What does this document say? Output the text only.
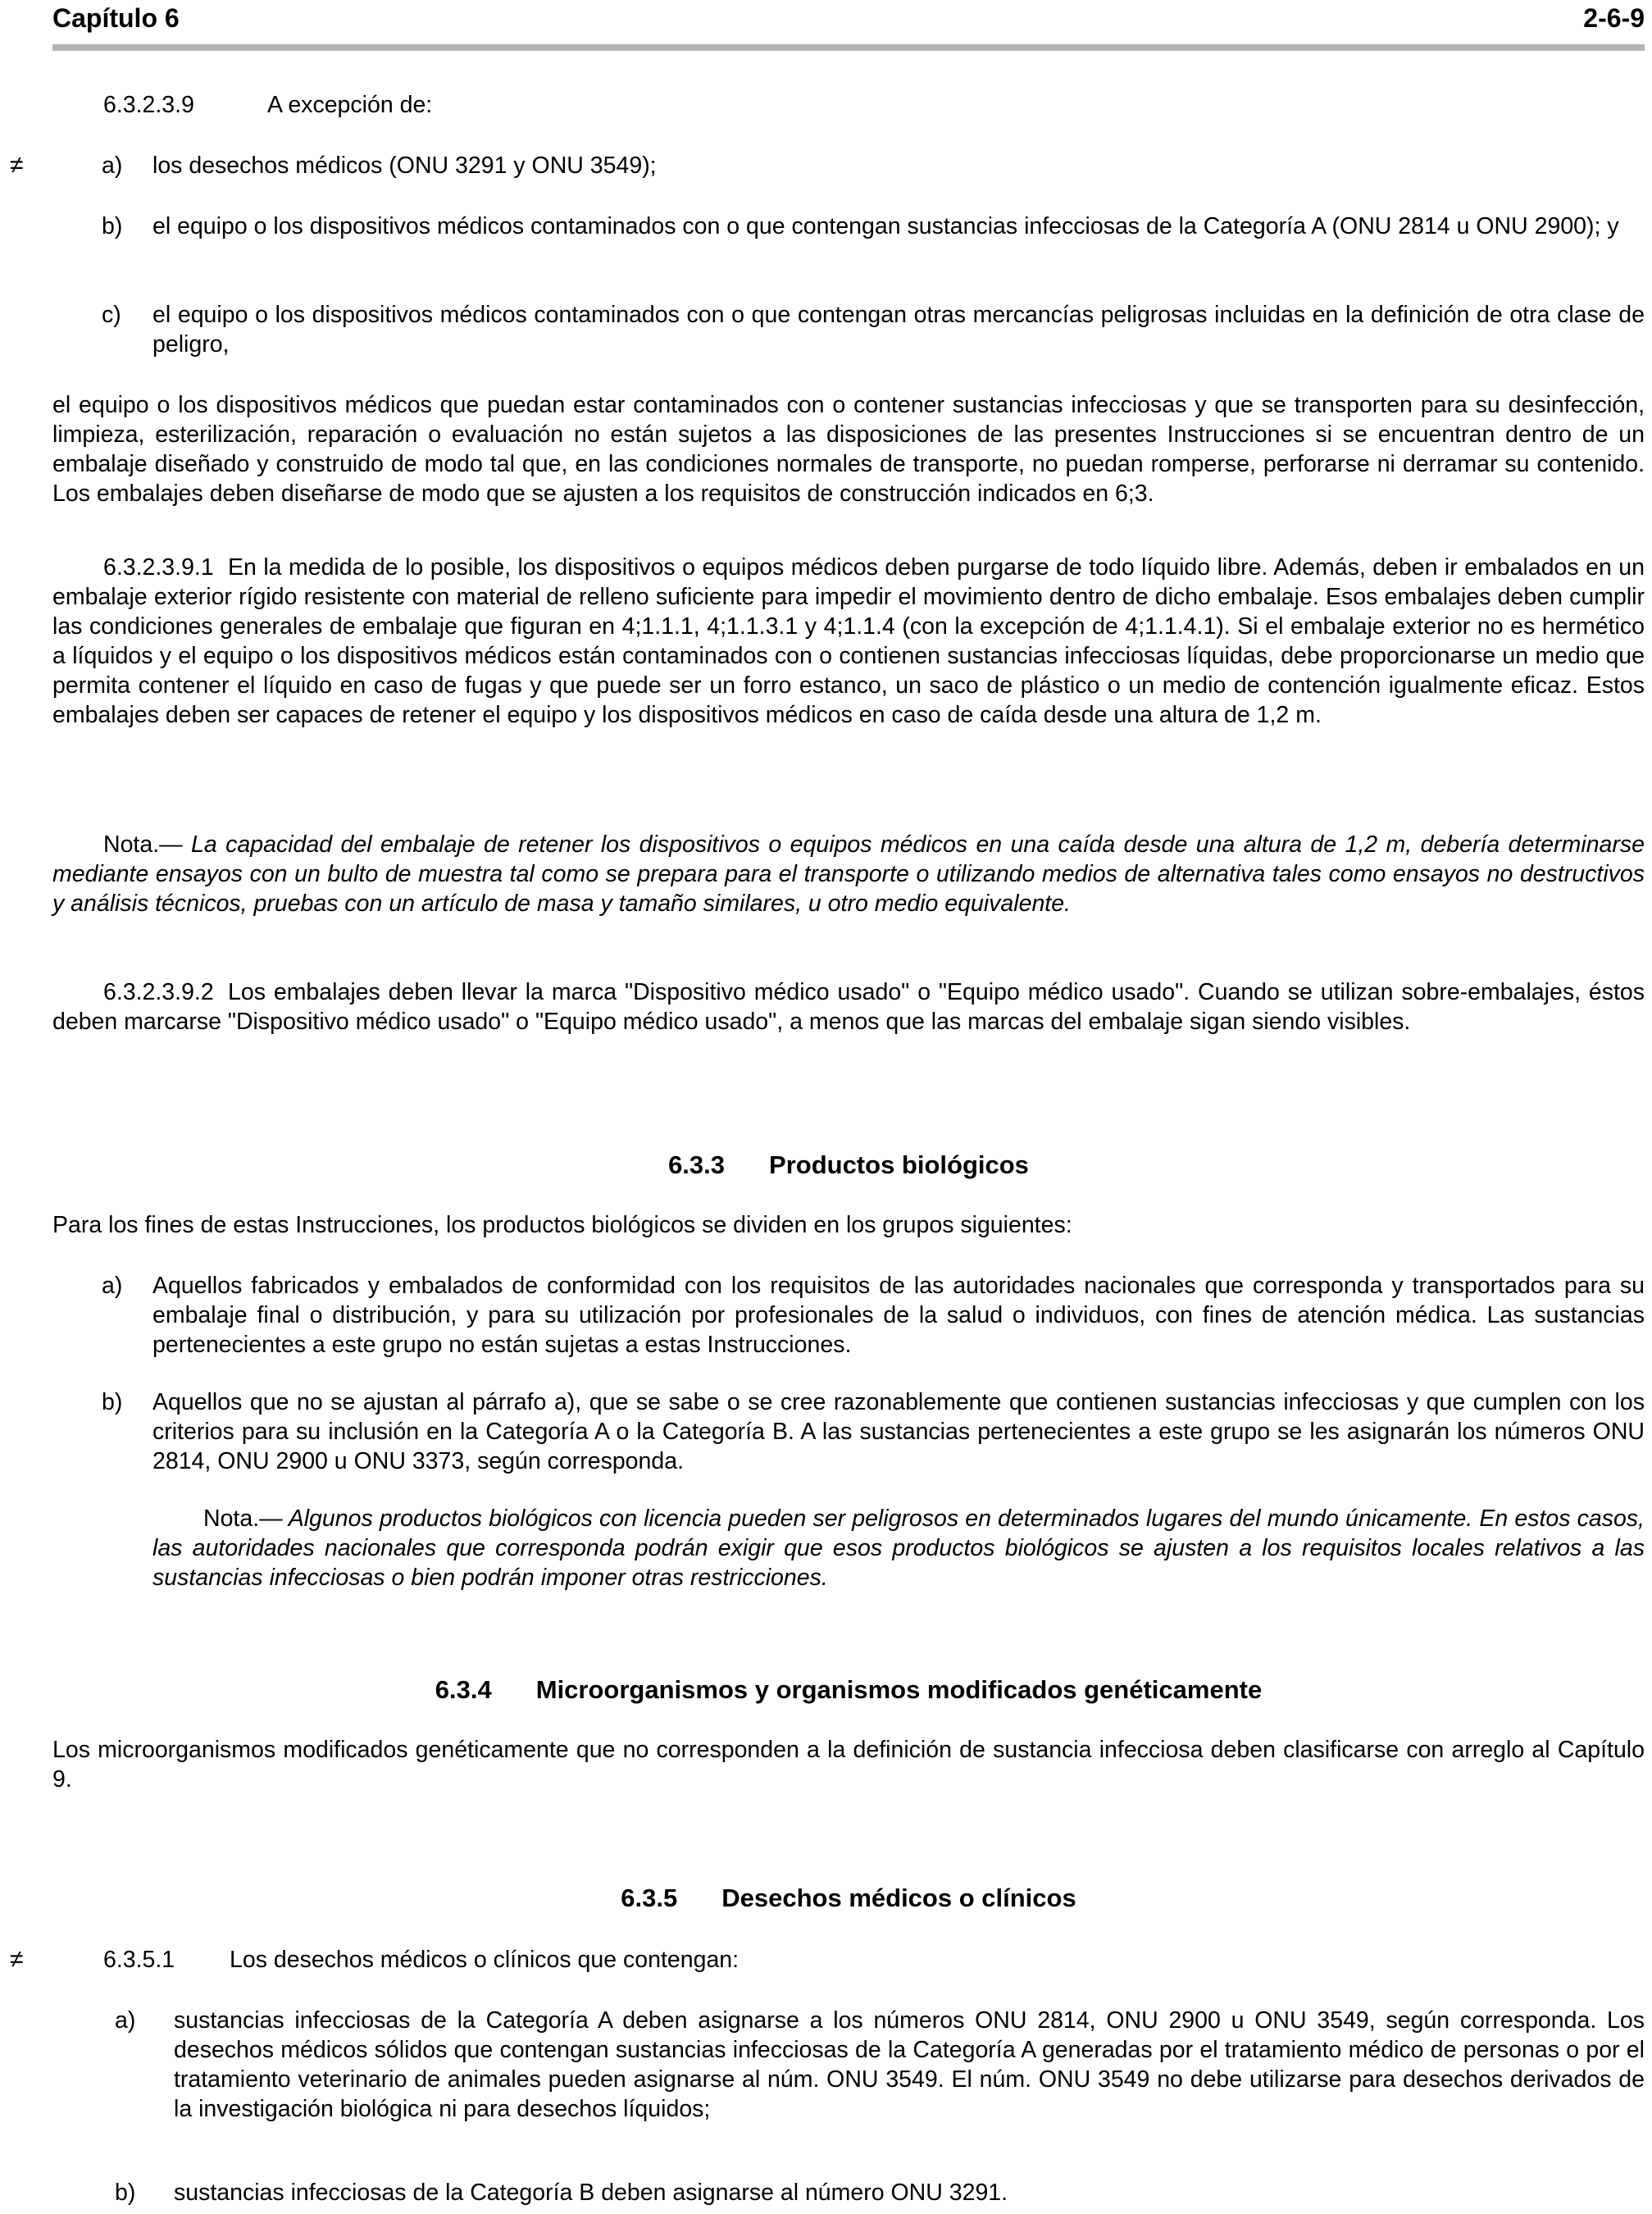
Capítulo 6	2-6-9
6.3.2.3.9	A excepción de:
≠	a) los desechos médicos (ONU 3291 y ONU 3549);
b) el equipo o los dispositivos médicos contaminados con o que contengan sustancias infecciosas de la Categoría A (ONU 2814 u ONU 2900); y
c) el equipo o los dispositivos médicos contaminados con o que contengan otras mercancías peligrosas incluidas en la definición de otra clase de peligro,
el equipo o los dispositivos médicos que puedan estar contaminados con o contener sustancias infecciosas y que se transporten para su desinfección, limpieza, esterilización, reparación o evaluación no están sujetos a las disposiciones de las presentes Instrucciones si se encuentran dentro de un embalaje diseñado y construido de modo tal que, en las condiciones normales de transporte, no puedan romperse, perforarse ni derramar su contenido. Los embalajes deben diseñarse de modo que se ajusten a los requisitos de construcción indicados en 6;3.
6.3.2.3.9.1 En la medida de lo posible, los dispositivos o equipos médicos deben purgarse de todo líquido libre. Además, deben ir embalados en un embalaje exterior rígido resistente con material de relleno suficiente para impedir el movimiento dentro de dicho embalaje. Esos embalajes deben cumplir las condiciones generales de embalaje que figuran en 4;1.1.1, 4;1.1.3.1 y 4;1.1.4 (con la excepción de 4;1.1.4.1). Si el embalaje exterior no es hermético a líquidos y el equipo o los dispositivos médicos están contaminados con o contienen sustancias infecciosas líquidas, debe proporcionarse un medio que permita contener el líquido en caso de fugas y que puede ser un forro estanco, un saco de plástico o un medio de contención igualmente eficaz. Estos embalajes deben ser capaces de retener el equipo y los dispositivos médicos en caso de caída desde una altura de 1,2 m.
Nota.— La capacidad del embalaje de retener los dispositivos o equipos médicos en una caída desde una altura de 1,2 m, debería determinarse mediante ensayos con un bulto de muestra tal como se prepara para el transporte o utilizando medios de alternativa tales como ensayos no destructivos y análisis técnicos, pruebas con un artículo de masa y tamaño similares, u otro medio equivalente.
6.3.2.3.9.2 Los embalajes deben llevar la marca "Dispositivo médico usado" o "Equipo médico usado". Cuando se utilizan sobre-embalajes, éstos deben marcarse "Dispositivo médico usado" o "Equipo médico usado", a menos que las marcas del embalaje sigan siendo visibles.
6.3.3 Productos biológicos
Para los fines de estas Instrucciones, los productos biológicos se dividen en los grupos siguientes:
a) Aquellos fabricados y embalados de conformidad con los requisitos de las autoridades nacionales que corresponda y transportados para su embalaje final o distribución, y para su utilización por profesionales de la salud o individuos, con fines de atención médica. Las sustancias pertenecientes a este grupo no están sujetas a estas Instrucciones.
b) Aquellos que no se ajustan al párrafo a), que se sabe o se cree razonablemente que contienen sustancias infecciosas y que cumplen con los criterios para su inclusión en la Categoría A o la Categoría B. A las sustancias pertenecientes a este grupo se les asignarán los números ONU 2814, ONU 2900 u ONU 3373, según corresponda.
Nota.— Algunos productos biológicos con licencia pueden ser peligrosos en determinados lugares del mundo únicamente. En estos casos, las autoridades nacionales que corresponda podrán exigir que esos productos biológicos se ajusten a los requisitos locales relativos a las sustancias infecciosas o bien podrán imponer otras restricciones.
6.3.4 Microorganismos y organismos modificados genéticamente
Los microorganismos modificados genéticamente que no corresponden a la definición de sustancia infecciosa deben clasificarse con arreglo al Capítulo 9.
6.3.5 Desechos médicos o clínicos
≠	6.3.5.1 Los desechos médicos o clínicos que contengan:
a) sustancias infecciosas de la Categoría A deben asignarse a los números ONU 2814, ONU 2900 u ONU 3549, según corresponda. Los desechos médicos sólidos que contengan sustancias infecciosas de la Categoría A generadas por el tratamiento médico de personas o por el tratamiento veterinario de animales pueden asignarse al núm. ONU 3549. El núm. ONU 3549 no debe utilizarse para desechos derivados de la investigación biológica ni para desechos líquidos;
b) sustancias infecciosas de la Categoría B deben asignarse al número ONU 3291.
